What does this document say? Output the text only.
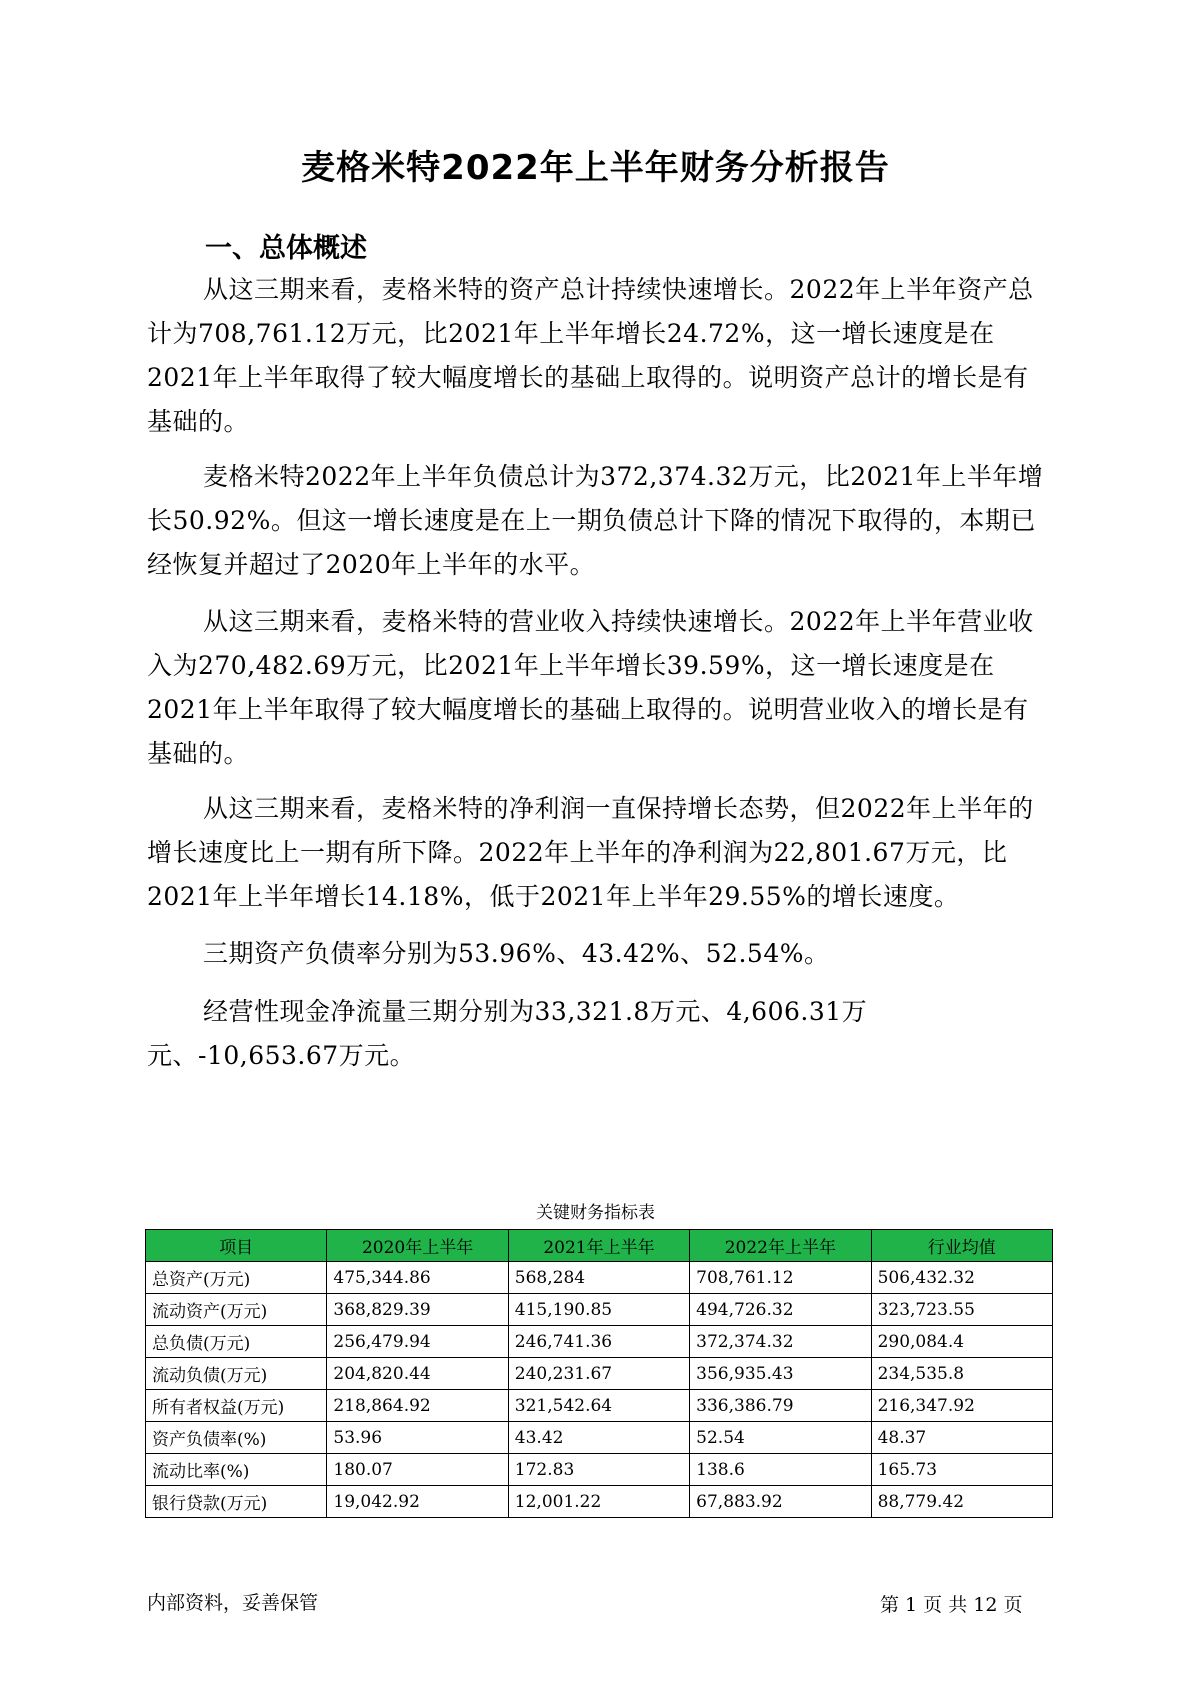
麦格米特2022年上半年财务分析报告
一、总体概述

从这三期来看，麦格米特的资产总计持续快速增长。2022年上半年资产总计为708,761.12万元，比2021年上半年增长24.72%，这一增长速度是在2021年上半年取得了较大幅度增长的基础上取得的。说明资产总计的增长是有基础的。

麦格米特2022年上半年负债总计为372,374.32万元，比2021年上半年增长50.92%。但这一增长速度是在上一期负债总计下降的情况下取得的，本期已经恢复并超过了2020年上半年的水平。

从这三期来看，麦格米特的营业收入持续快速增长。2022年上半年营业收入为270,482.69万元，比2021年上半年增长39.59%，这一增长速度是在2021年上半年取得了较大幅度增长的基础上取得的。说明营业收入的增长是有基础的。

从这三期来看，麦格米特的净利润一直保持增长态势，但2022年上半年的增长速度比上一期有所下降。2022年上半年的净利润为22,801.67万元，比2021年上半年增长14.18%，低于2021年上半年29.55%的增长速度。

三期资产负债率分别为53.96%、43.42%、52.54%。

经营性现金净流量三期分别为33,321.8万元、4,606.31万元、-10,653.67万元。

关键财务指标表
项目	2020年上半年	2021年上半年	2022年上半年	行业均值
总资产(万元)	475,344.86	568,284	708,761.12	506,432.32
流动资产(万元)	368,829.39	415,190.85	494,726.32	323,723.55
总负债(万元)	256,479.94	246,741.36	372,374.32	290,084.4
流动负债(万元)	204,820.44	240,231.67	356,935.43	234,535.8
所有者权益(万元)	218,864.92	321,542.64	336,386.79	216,347.92
资产负债率(%)	53.96	43.42	52.54	48.37
流动比率(%)	180.07	172.83	138.6	165.73
银行贷款(万元)	19,042.92	12,001.22	67,883.92	88,779.42
内部资料，妥善保管	第 1 页 共 12 页
